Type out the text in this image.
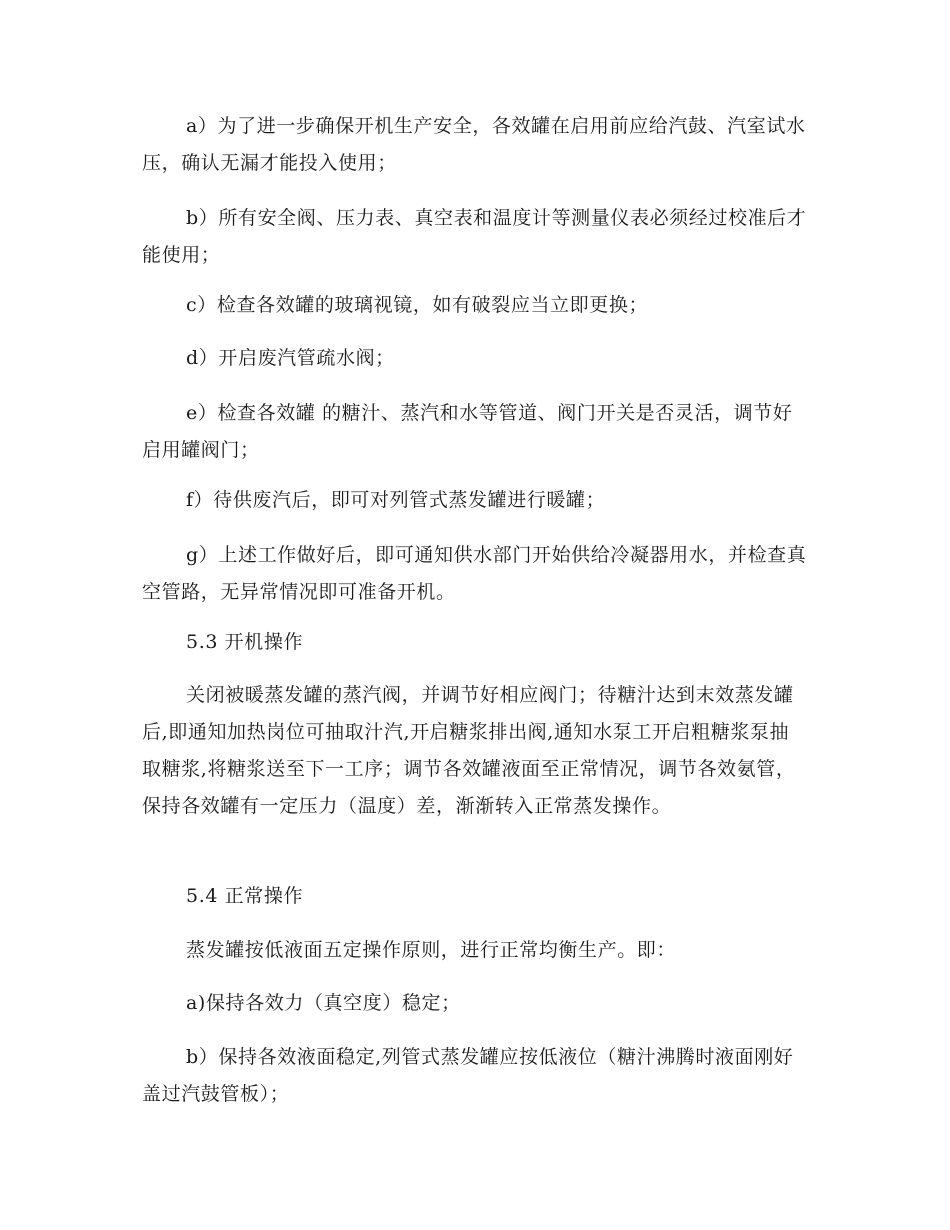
a）为了进一步确保开机生产安全，各效罐在启用前应给汽鼓、汽室试水压，确认无漏才能投入使用；

b）所有安全阀、压力表、真空表和温度计等测量仪表必须经过校准后才能使用；

c）检查各效罐的玻璃视镜，如有破裂应当立即更换；

d）开启废汽管疏水阀；

e）检查各效罐 的糖汁、蒸汽和水等管道、阀门开关是否灵活，调节好启用罐阀门；

f）待供废汽后，即可对列管式蒸发罐进行暖罐；

g）上述工作做好后，即可通知供水部门开始供给冷凝器用水，并检查真空管路，无异常情况即可准备开机。

5.3 开机操作

关闭被暖蒸发罐的蒸汽阀，并调节好相应阀门；待糖汁达到末效蒸发罐后,即通知加热岗位可抽取汁汽,开启糖浆排出阀,通知水泵工开启粗糖浆泵抽取糖浆,将糖浆送至下一工序；调节各效罐液面至正常情况，调节各效氨管，保持各效罐有一定压力（温度）差，渐渐转入正常蒸发操作。

5.4 正常操作

蒸发罐按低液面五定操作原则，进行正常均衡生产。即：

a)保持各效力（真空度）稳定；

b）保持各效液面稳定,列管式蒸发罐应按低液位（糖汁沸腾时液面刚好盖过汽鼓管板）；
